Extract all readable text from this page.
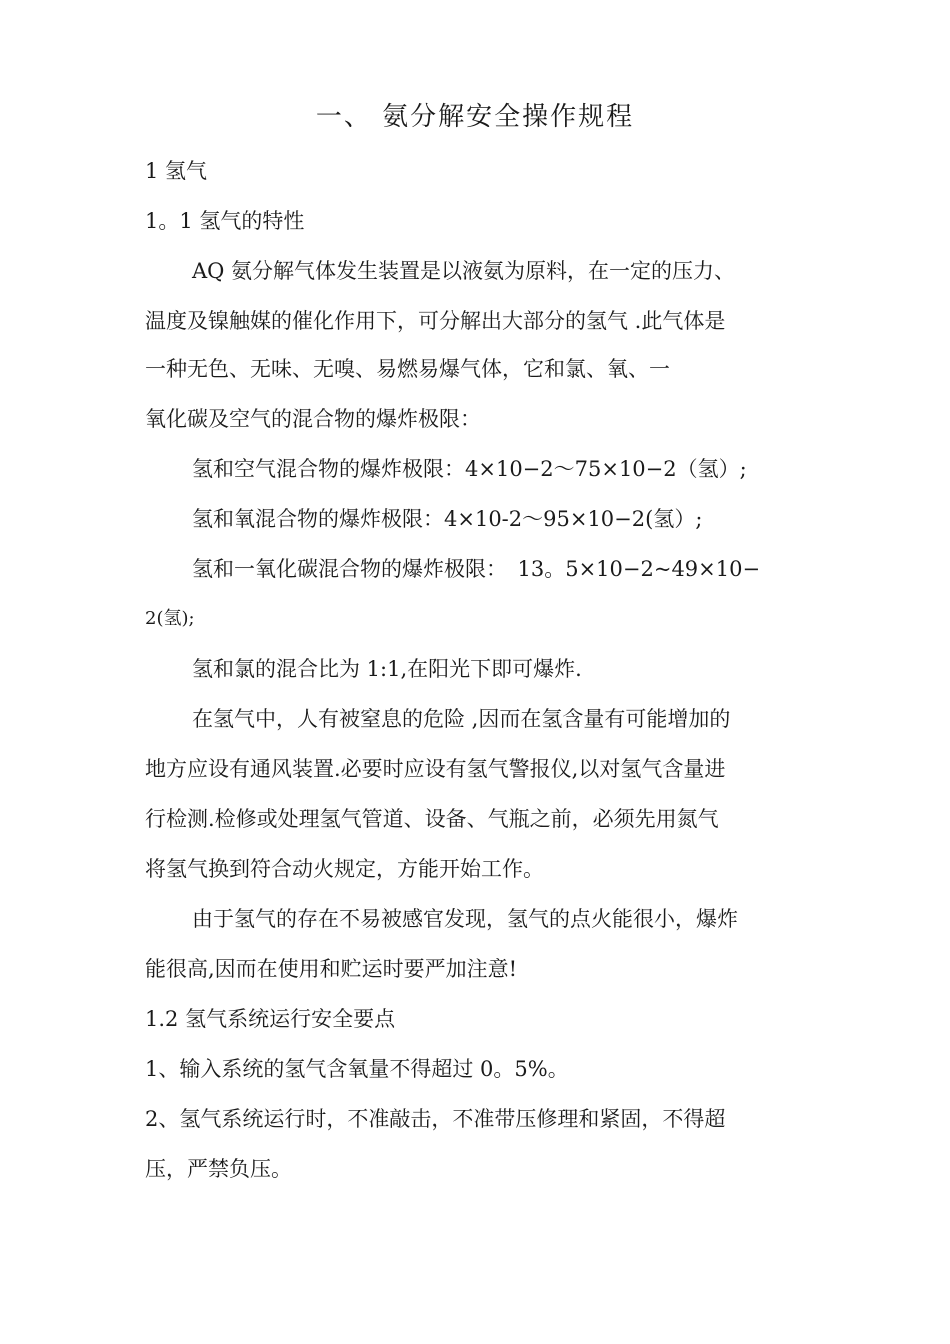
一、 氨分解安全操作规程
1 氢气
1。1 氢气的特性
AQ 氨分解气体发生装置是以液氨为原料，在一定的压力、
温度及镍触媒的催化作用下，可分解出大部分的氢气 .此气体是
一种无色、无味、无嗅、易燃易爆气体，它和氯、氧、一
氧化碳及空气的混合物的爆炸极限：
氢和空气混合物的爆炸极限：4×10−2～75×10−2（氢）;
氢和氧混合物的爆炸极限：4×10-2～95×10−2(氢）;
氢和一氧化碳混合物的爆炸极限：　13。5×10−2~49×10−
2(氢);
氢和氯的混合比为 1:1,在阳光下即可爆炸.
在氢气中，人有被窒息的危险 ,因而在氢含量有可能增加的
地方应设有通风装置.必要时应设有氢气警报仪,以对氢气含量进
行检测.检修或处理氢气管道、设备、气瓶之前，必须先用氮气
将氢气换到符合动火规定，方能开始工作。
由于氢气的存在不易被感官发现，氢气的点火能很小，爆炸
能很高,因而在使用和贮运时要严加注意!
1.2 氢气系统运行安全要点
1、输入系统的氢气含氧量不得超过 0。5%。
2、氢气系统运行时，不准敲击，不准带压修理和紧固，不得超
压，严禁负压。
